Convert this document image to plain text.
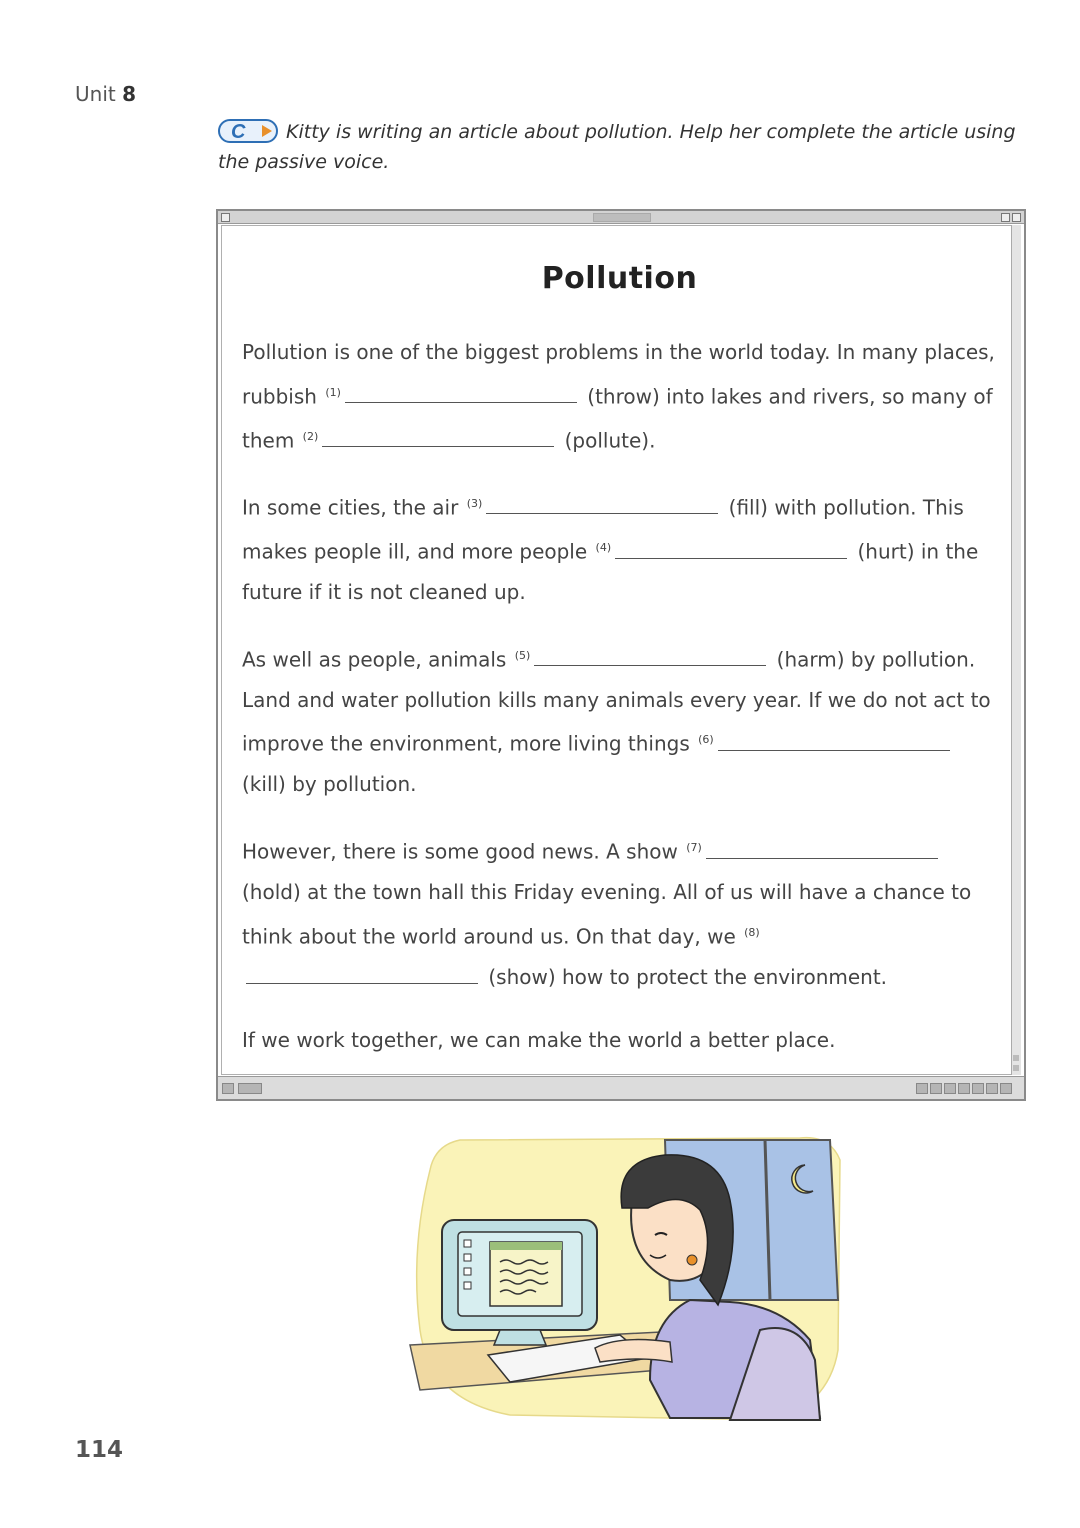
Unit 8
C Kitty is writing an article about pollution. Help her complete the article using the passive voice.
Pollution

Pollution is one of the biggest problems in the world today. In many places, rubbish $^{(1)}$	(throw) into lakes and rivers, so many of them $^{(2)}$	(pollute).

In some cities, the air $^{(3)}$	(fill) with pollution. This makes people ill, and more people $^{(4)}$	(hurt) in the future if it is not cleaned up.

As well as people, animals $^{(5)}$	(harm) by pollution. Land and water pollution kills many animals every year. If we do not act to improve the environment, more living things $^{(6)}$ (kill) by pollution.

However, there is some good news. A show $^{(7)}$ (hold) at the town hall this Friday evening. All of us will have a chance to think about the world around us. On that day, we $^{(8)}$ (show) how to protect the environment.

If we work together, we can make the world a better place.

114
